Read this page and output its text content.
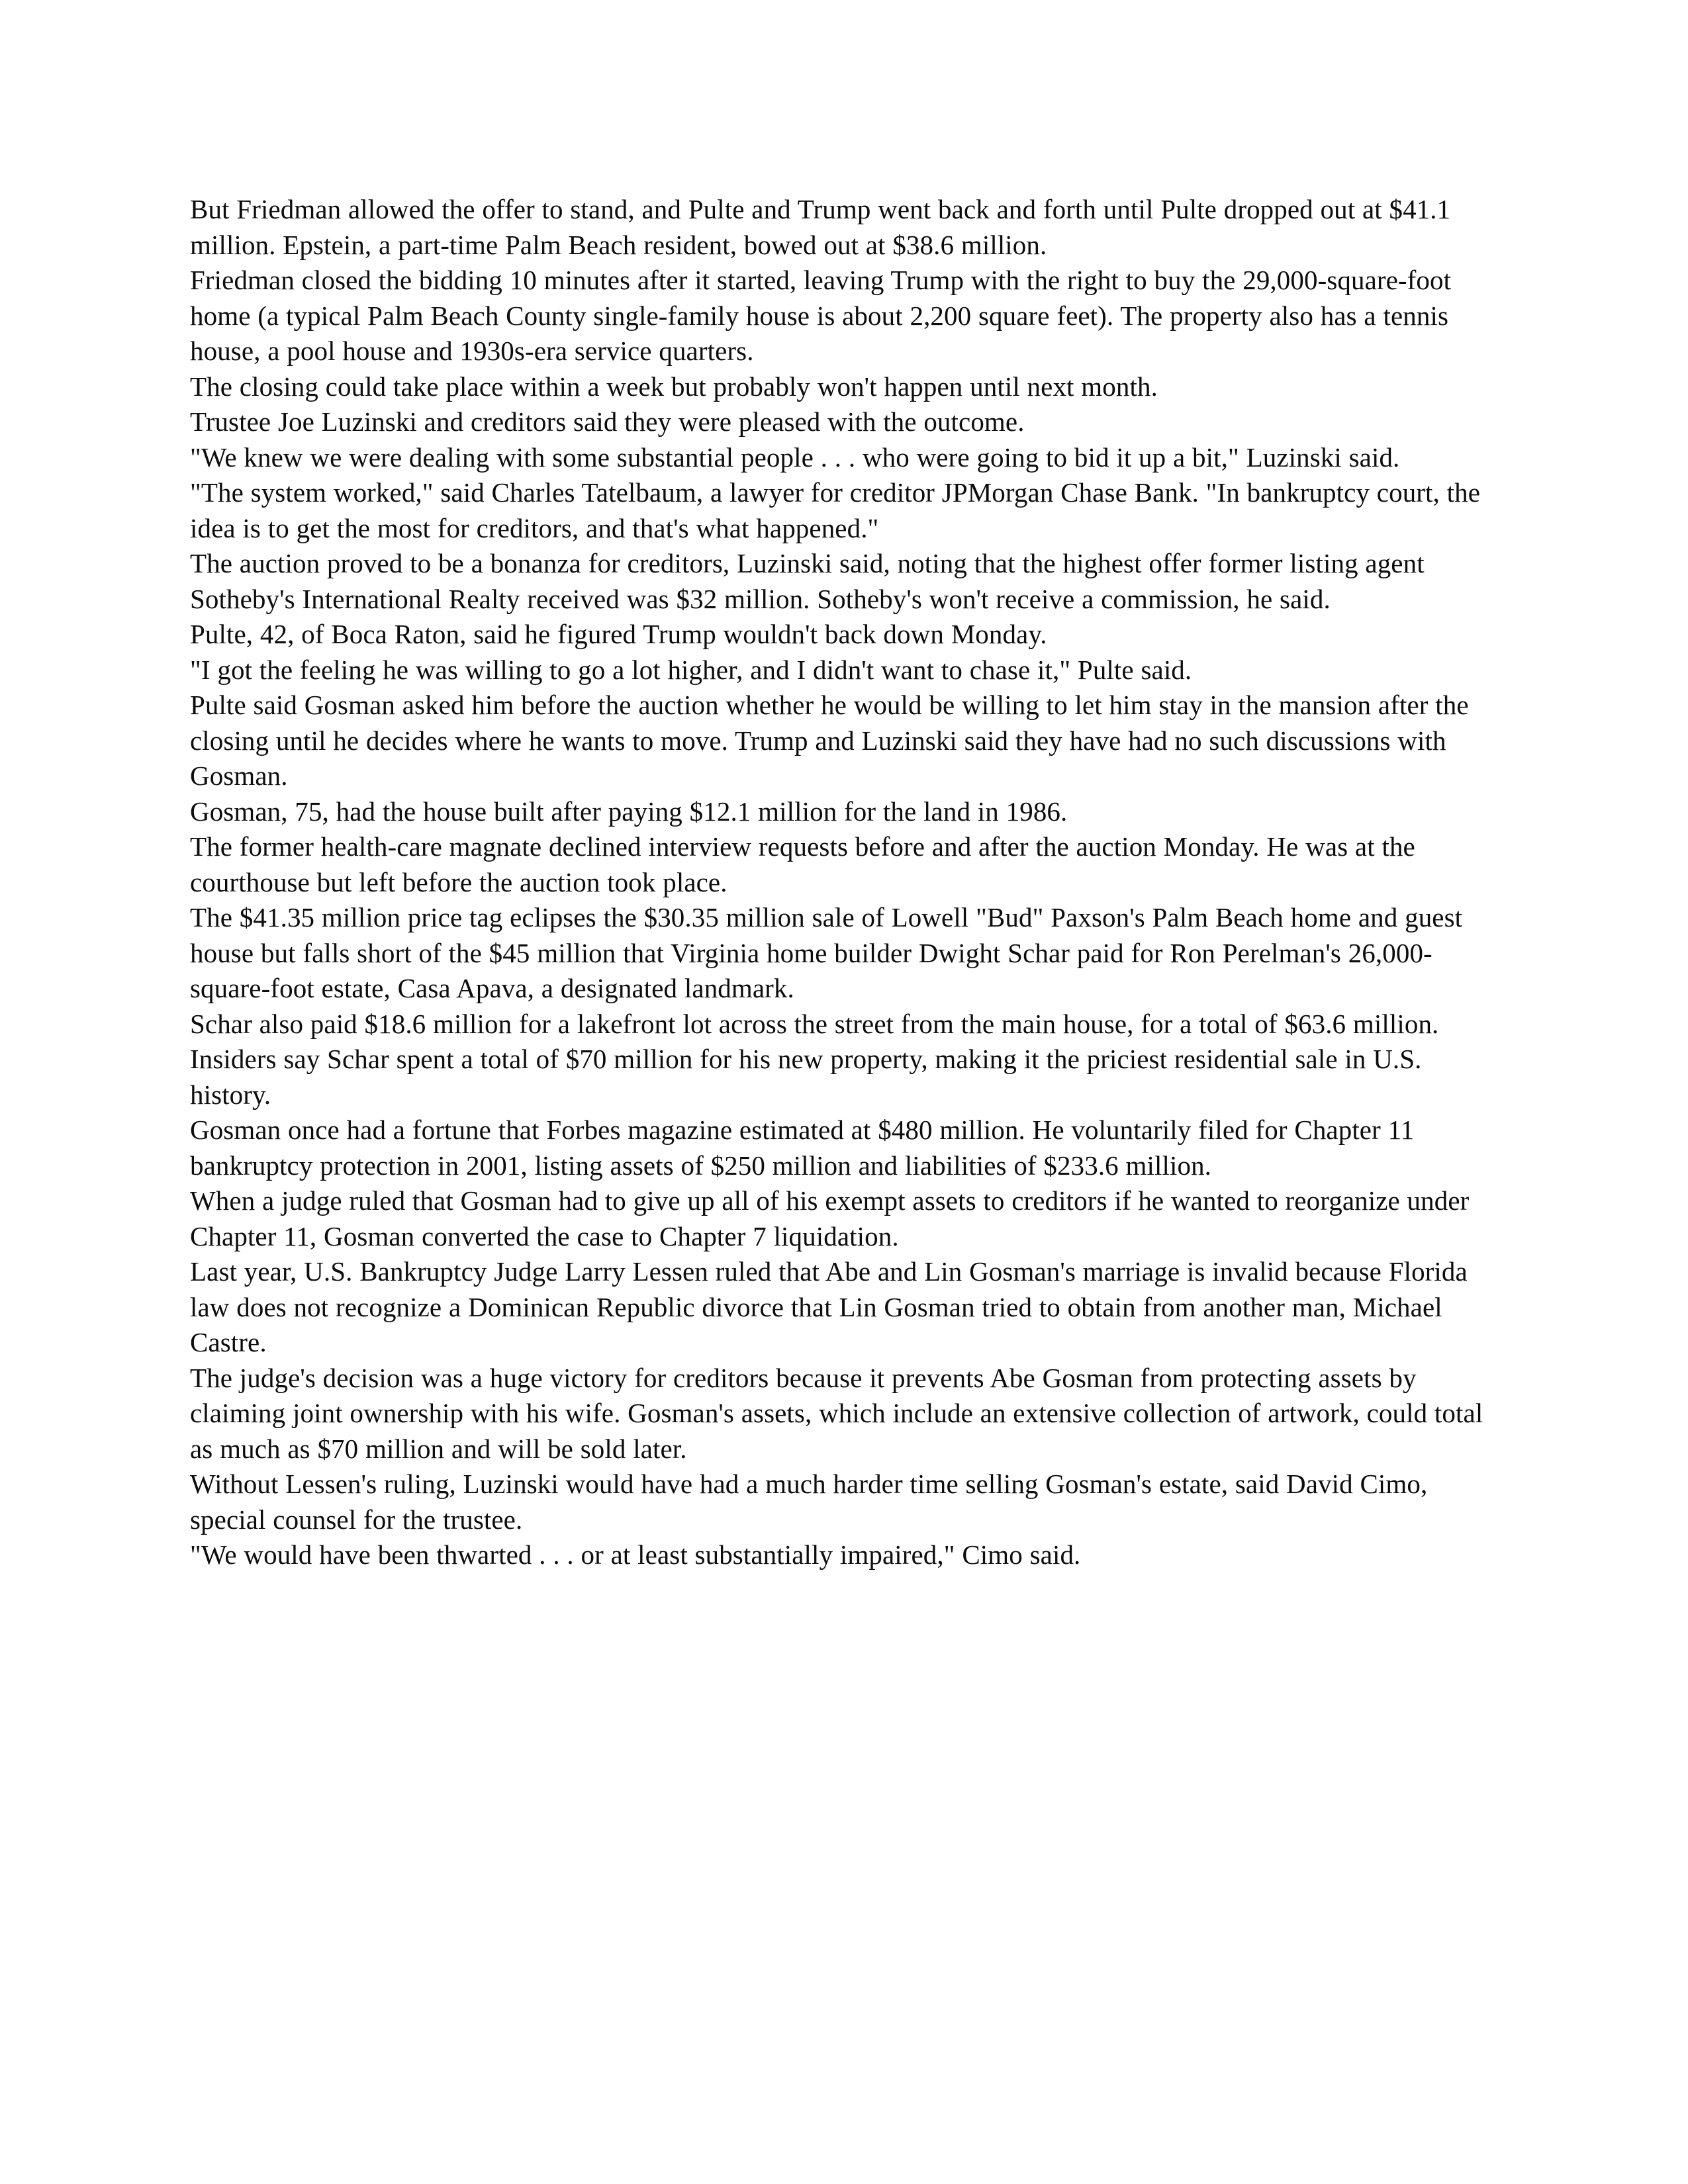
But Friedman allowed the offer to stand, and Pulte and Trump went back and forth until Pulte dropped out at $41.1 million. Epstein, a part-time Palm Beach resident, bowed out at $38.6 million.

Friedman closed the bidding 10 minutes after it started, leaving Trump with the right to buy the 29,000-square-foot home (a typical Palm Beach County single-family house is about 2,200 square feet). The property also has a tennis house, a pool house and 1930s-era service quarters.

The closing could take place within a week but probably won't happen until next month.

Trustee Joe Luzinski and creditors said they were pleased with the outcome.

"We knew we were dealing with some substantial people . . . who were going to bid it up a bit," Luzinski said.

"The system worked," said Charles Tatelbaum, a lawyer for creditor JPMorgan Chase Bank. "In bankruptcy court, the idea is to get the most for creditors, and that's what happened."

The auction proved to be a bonanza for creditors, Luzinski said, noting that the highest offer former listing agent Sotheby's International Realty received was $32 million. Sotheby's won't receive a commission, he said.

Pulte, 42, of Boca Raton, said he figured Trump wouldn't back down Monday.

"I got the feeling he was willing to go a lot higher, and I didn't want to chase it," Pulte said.

Pulte said Gosman asked him before the auction whether he would be willing to let him stay in the mansion after the closing until he decides where he wants to move. Trump and Luzinski said they have had no such discussions with Gosman.

Gosman, 75, had the house built after paying $12.1 million for the land in 1986.

The former health-care magnate declined interview requests before and after the auction Monday. He was at the courthouse but left before the auction took place.

The $41.35 million price tag eclipses the $30.35 million sale of Lowell "Bud" Paxson's Palm Beach home and guest house but falls short of the $45 million that Virginia home builder Dwight Schar paid for Ron Perelman's 26,000-square-foot estate, Casa Apava, a designated landmark.

Schar also paid $18.6 million for a lakefront lot across the street from the main house, for a total of $63.6 million. Insiders say Schar spent a total of $70 million for his new property, making it the priciest residential sale in U.S. history.

Gosman once had a fortune that Forbes magazine estimated at $480 million. He voluntarily filed for Chapter 11 bankruptcy protection in 2001, listing assets of $250 million and liabilities of $233.6 million.

When a judge ruled that Gosman had to give up all of his exempt assets to creditors if he wanted to reorganize under Chapter 11, Gosman converted the case to Chapter 7 liquidation.

Last year, U.S. Bankruptcy Judge Larry Lessen ruled that Abe and Lin Gosman's marriage is invalid because Florida law does not recognize a Dominican Republic divorce that Lin Gosman tried to obtain from another man, Michael Castre.

The judge's decision was a huge victory for creditors because it prevents Abe Gosman from protecting assets by claiming joint ownership with his wife. Gosman's assets, which include an extensive collection of artwork, could total as much as $70 million and will be sold later.

Without Lessen's ruling, Luzinski would have had a much harder time selling Gosman's estate, said David Cimo, special counsel for the trustee.

"We would have been thwarted . . . or at least substantially impaired," Cimo said.
